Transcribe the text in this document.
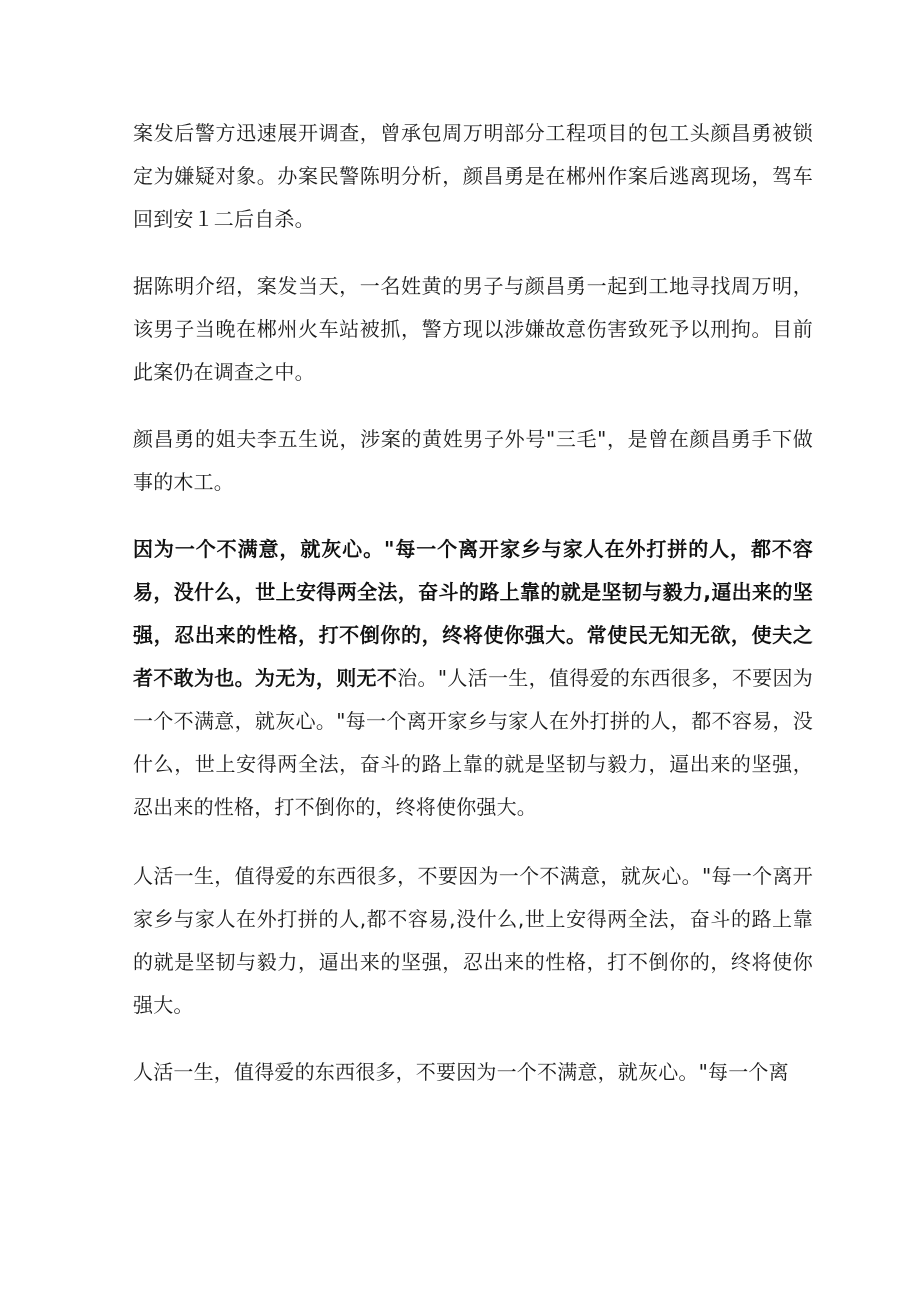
案发后警方迅速展开调查，曾承包周万明部分工程项目的包工头颜昌勇被锁定为嫌疑对象。办案民警陈明分析，颜昌勇是在郴州作案后逃离现场，驾车回到安１二后自杀。

据陈明介绍，案发当天，一名姓黄的男子与颜昌勇一起到工地寻找周万明，该男子当晚在郴州火车站被抓，警方现以涉嫌故意伤害致死予以刑拘。目前此案仍在调查之中。

颜昌勇的姐夫李五生说，涉案的黄姓男子外号"三毛"，是曾在颜昌勇手下做事的木工。

因为一个不满意，就灰心。"每一个离开家乡与家人在外打拼的人，都不容易，没什么，世上安得两全法，奋斗的路上靠的就是坚韧与毅力,逼出来的坚强，忍出来的性格，打不倒你的，终将使你强大。常使民无知无欲，使夫之者不敢为也。为无为，则无不治。"人活一生，值得爱的东西很多，不要因为一个不满意，就灰心。"每一个离开家乡与家人在外打拼的人，都不容易，没什么，世上安得两全法，奋斗的路上靠的就是坚韧与毅力，逼出来的坚强，忍出来的性格，打不倒你的，终将使你强大。

人活一生，值得爱的东西很多，不要因为一个不满意，就灰心。"每一个离开家乡与家人在外打拼的人,都不容易,没什么,世上安得两全法，奋斗的路上靠的就是坚韧与毅力，逼出来的坚强，忍出来的性格，打不倒你的，终将使你强大。

人活一生，值得爱的东西很多，不要因为一个不满意，就灰心。"每一个离
